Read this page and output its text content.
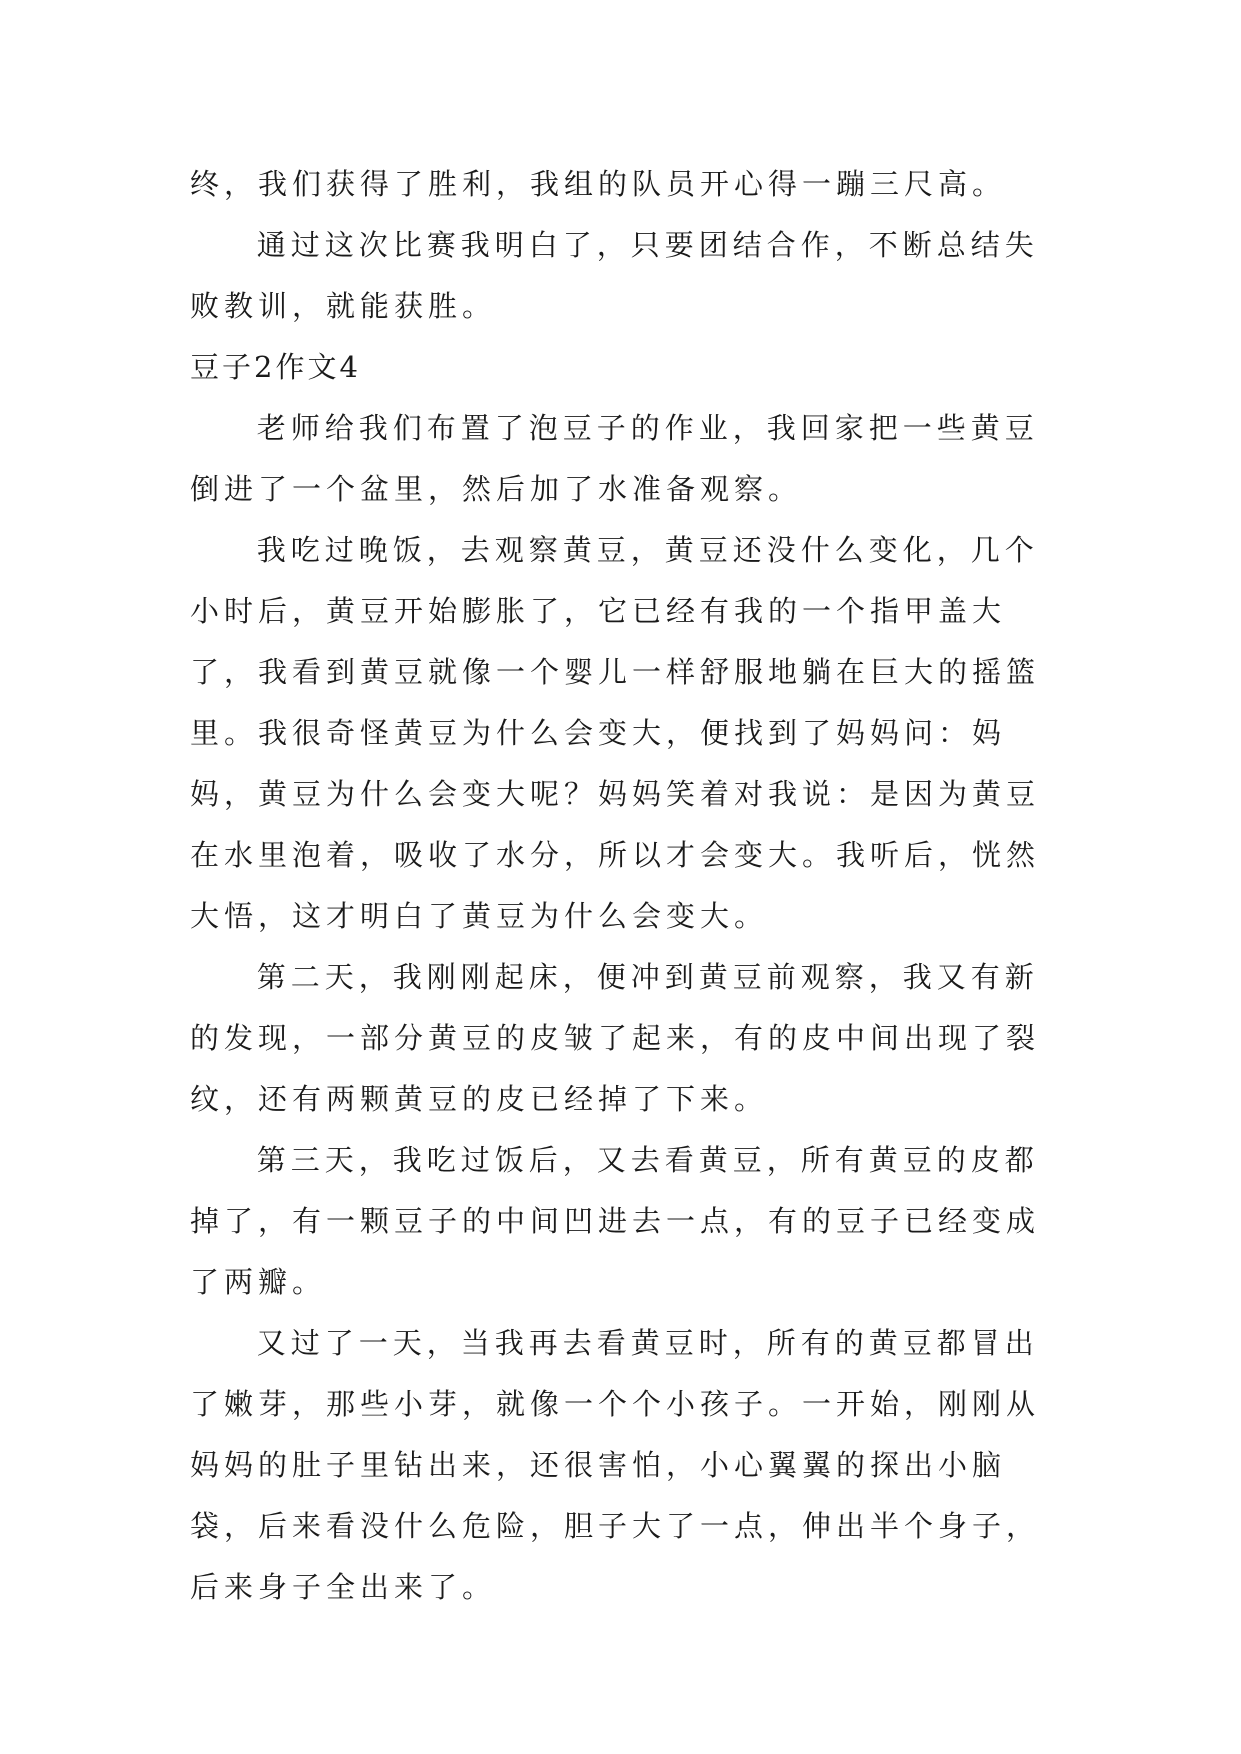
终，我们获得了胜利，我组的队员开心得一蹦三尺高。

通过这次比赛我明白了，只要团结合作，不断总结失败教训，就能获胜。

豆子2作文4

老师给我们布置了泡豆子的作业，我回家把一些黄豆倒进了一个盆里，然后加了水准备观察。

我吃过晚饭，去观察黄豆，黄豆还没什么变化，几个小时后，黄豆开始膨胀了，它已经有我的一个指甲盖大了，我看到黄豆就像一个婴儿一样舒服地躺在巨大的摇篮里。我很奇怪黄豆为什么会变大，便找到了妈妈问：妈妈，黄豆为什么会变大呢？妈妈笑着对我说：是因为黄豆在水里泡着，吸收了水分，所以才会变大。我听后，恍然大悟，这才明白了黄豆为什么会变大。

第二天，我刚刚起床，便冲到黄豆前观察，我又有新的发现，一部分黄豆的皮皱了起来，有的皮中间出现了裂纹，还有两颗黄豆的皮已经掉了下来。

第三天，我吃过饭后，又去看黄豆，所有黄豆的皮都掉了，有一颗豆子的中间凹进去一点，有的豆子已经变成了两瓣。

又过了一天，当我再去看黄豆时，所有的黄豆都冒出了嫩芽，那些小芽，就像一个个小孩子。一开始，刚刚从妈妈的肚子里钻出来，还很害怕，小心翼翼的探出小脑袋，后来看没什么危险，胆子大了一点，伸出半个身子，后来身子全出来了。
